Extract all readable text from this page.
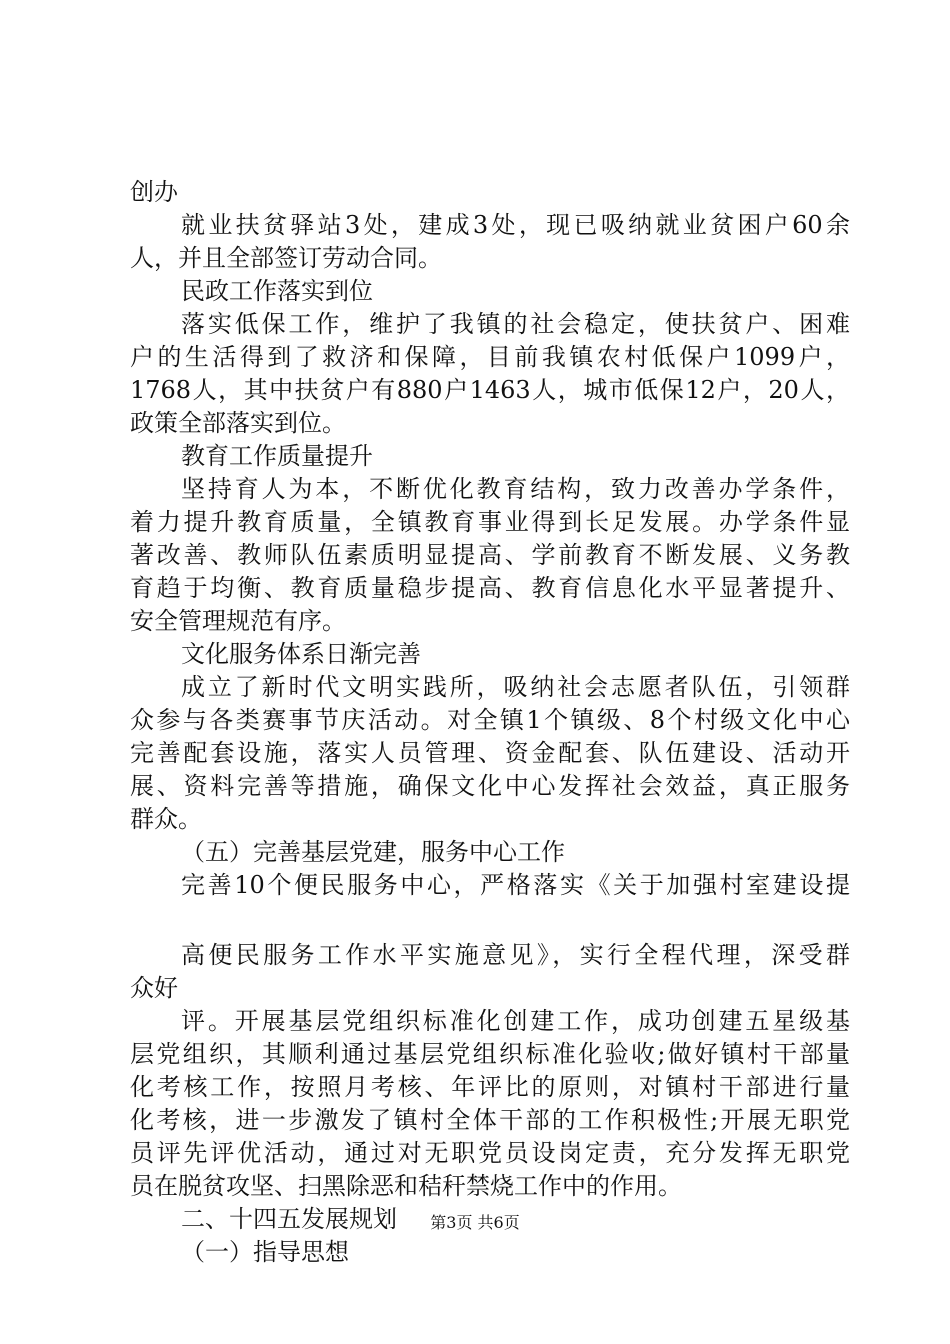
创办
就业扶贫驿站3处，建成3处，现已吸纳就业贫困户60余
人，并且全部签订劳动合同。
民政工作落实到位
落实低保工作，维护了我镇的社会稳定，使扶贫户、困难
户的生活得到了救济和保障，目前我镇农村低保户1099户，
1768人，其中扶贫户有880户1463人，城市低保12户，20人，
政策全部落实到位。
教育工作质量提升
坚持育人为本，不断优化教育结构，致力改善办学条件，
着力提升教育质量，全镇教育事业得到长足发展。办学条件显
著改善、教师队伍素质明显提高、学前教育不断发展、义务教
育趋于均衡、教育质量稳步提高、教育信息化水平显著提升、
安全管理规范有序。
文化服务体系日渐完善
成立了新时代文明实践所，吸纳社会志愿者队伍，引领群
众参与各类赛事节庆活动。对全镇1个镇级、8个村级文化中心
完善配套设施，落实人员管理、资金配套、队伍建设、活动开
展、资料完善等措施，确保文化中心发挥社会效益，真正服务
群众。
（五）完善基层党建，服务中心工作
完善10个便民服务中心，严格落实《关于加强村室建设提
高便民服务工作水平实施意见》，实行全程代理，深受群
众好
评。开展基层党组织标准化创建工作，成功创建五星级基
层党组织，其顺利通过基层党组织标准化验收;做好镇村干部量
化考核工作，按照月考核、年评比的原则，对镇村干部进行量
化考核，进一步激发了镇村全体干部的工作积极性;开展无职党
员评先评优活动，通过对无职党员设岗定责，充分发挥无职党
员在脱贫攻坚、扫黑除恶和秸秆禁烧工作中的作用。
二、十四五发展规划
（一）指导思想
第3页 共6页
